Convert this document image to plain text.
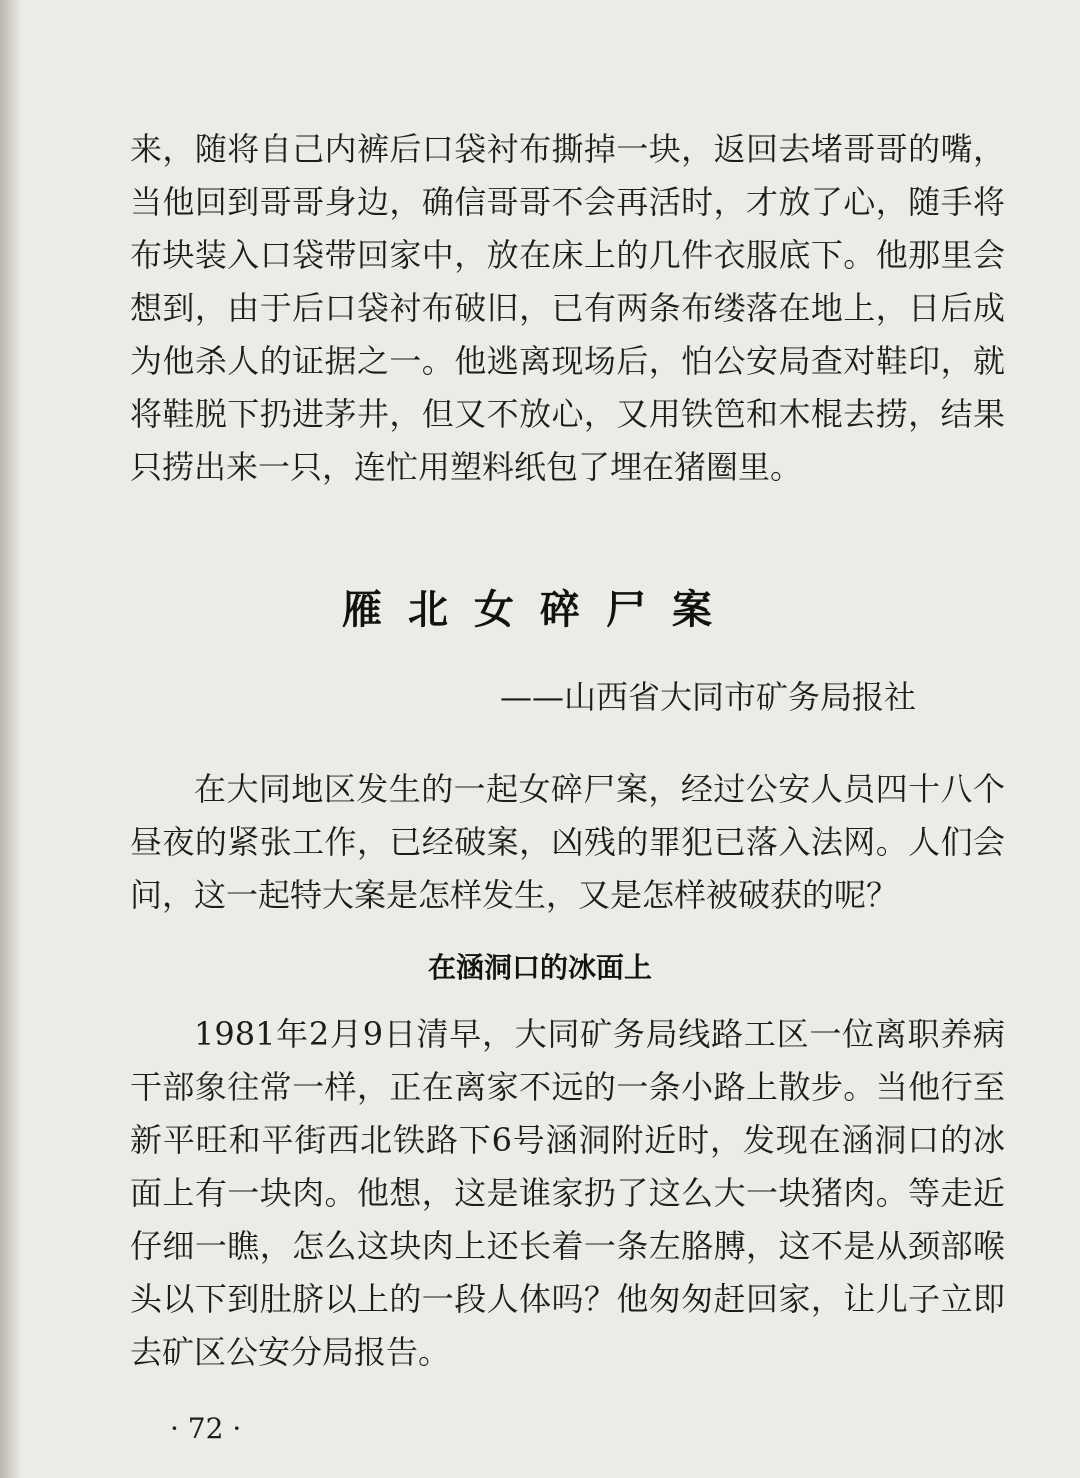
来，随将自己内裤后口袋衬布撕掉一块，返回去堵哥哥的嘴，当他回到哥哥身边，确信哥哥不会再活时，才放了心，随手将布块装入口袋带回家中，放在床上的几件衣服底下。他那里会想到，由于后口袋衬布破旧，已有两条布缕落在地上，日后成为他杀人的证据之一。他逃离现场后，怕公安局查对鞋印，就将鞋脱下扔进茅井，但又不放心，又用铁笆和木棍去捞，结果只捞出来一只，连忙用塑料纸包了埋在猪圈里。

雁北女碎尸案
——山西省大同市矿务局报社

在大同地区发生的一起女碎尸案，经过公安人员四十八个昼夜的紧张工作，已经破案，凶残的罪犯已落入法网。人们会问，这一起特大案是怎样发生，又是怎样被破获的呢？

在涵洞口的冰面上

1981年2月9日清早，大同矿务局线路工区一位离职养病干部象往常一样，正在离家不远的一条小路上散步。当他行至新平旺和平街西北铁路下6号涵洞附近时，发现在涵洞口的冰面上有一块肉。他想，这是谁家扔了这么大一块猪肉。等走近仔细一瞧，怎么这块肉上还长着一条左胳膊，这不是从颈部喉头以下到肚脐以上的一段人体吗？他匆匆赶回家，让儿子立即去矿区公安分局报告。

· 72 ·
